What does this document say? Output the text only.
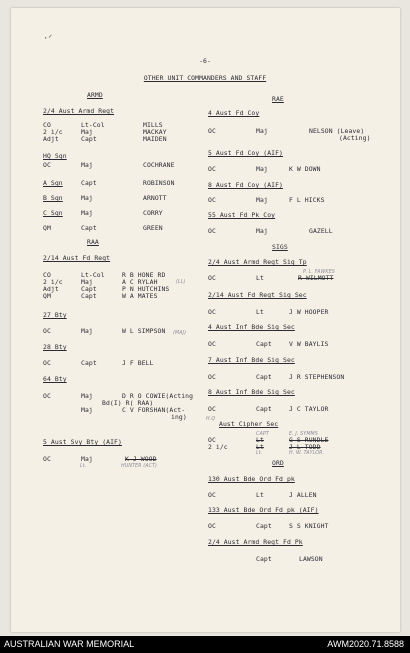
·ᐟ
-6-
OTHER UNIT COMMANDERS AND STAFF
ARMD
2/4 Aust Armd Regt
CO	Lt-Col	MILLS
2 i/c	Maj	MACKAY
Adjt	Capt	MAIDEN
HQ Sqn
OC	Maj	COCHRANE
A Sqn	Capt	ROBINSON
B Sqn	Maj	ARNOTT
C Sqn	Maj	CORRY
QM	Capt	GREEN
RAA
2/14 Aust Fd Regt
CO	Lt-Col	R B HONE RD
2 i/c	Maj	A C RYLAH
Adjt	Capt	P N HUTCHINS
QM	Capt	W A MATES
27 Bty
OC	Maj	W L SIMPSON
28 Bty
OC	Capt	J F BELL
64 Bty
OC	Maj	D R O COWIE(Acting
Bd(I) R( RAA)
Maj	C V FORSHAN(Act-
ing)
5 Aust Svy Bty (AIF)
OC	Maj	K J WOOD
RAE
4 Aust Fd Coy
OC	Maj	NELSON (Leave)
(Acting)
5 Aust Fd Coy (AIF)
OC	Maj	K W DOWN
8 Aust Fd Coy (AIF)
OC	Maj	F L HICKS
55 Aust Fd Pk Coy
OC	Maj	GAZELL
SIGS
2/4 Aust Armd Regt Sig Tp
OC	Lt	R WILMOTT
2/14 Aust Fd Regt Sig Sec
OC	Lt	J W HOOPER
4 Aust Inf Bde Sig Sec
OC	Capt	V W BAYLIS
7 Aust Inf Bde Sig Sec
OC	Capt	J R STEPHENSON
8 Aust Inf Bde Sig Sec
OC	Capt	J C TAYLOR
Aust Cipher Sec
OC	Lt	G S RUNDLE
2 i/c	Lt	J L TODD
ORD
130 Aust Bde Ord Fd pk
OC	Lt	J ALLEN
133 Aust Bde Ord Fd pk (AIF)
OC	Capt	S S KNIGHT
2/4 Aust Armd Regt Fd Pk
Capt	LAWSON
(LL)
(MAJ)
Lt.	HUNTER (ACT)
P. L. FAWKES
H.Q
CAPT	E. J. SYMMS
Lt.	H. W. TAYLOR.
AUSTRALIAN WAR MEMORIAL	AWM2020.71.8588
